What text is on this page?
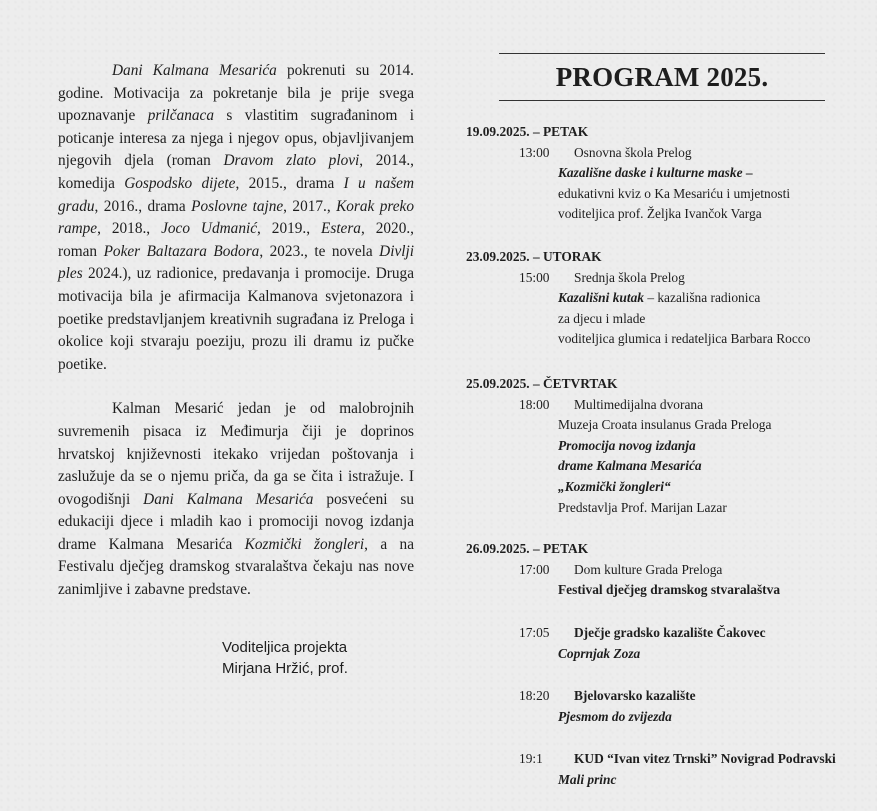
Dani Kalmana Mesarića pokrenuti su 2014. godine. Motivacija za pokretanje bila je prije svega upoznavanje prilčanaca s vlastitim sugrađaninom i poticanje interesa za njega i njegov opus, objavljivanjem njegovih djela (roman Dravom zlato plovi, 2014., komedija Gospodsko dijete, 2015., drama I u našem gradu, 2016., drama Poslovne tajne, 2017., Korak preko rampe, 2018., Joco Udmanić, 2019., Estera, 2020., roman Poker Baltazara Bodora, 2023., te novela Divlji ples 2024.), uz radionice, predavanja i promocije. Druga motivacija bila je afirmacija Kalmanova svjetonazora i poetike predstavljanjem kreativnih sugrađana iz Preloga i okolice koji stvaraju poeziju, prozu ili dramu iz pučke poetike.

Kalman Mesarić jedan je od malobrojnih suvremenih pisaca iz Međimurja čiji je doprinos hrvatskoj književnosti itekako vrijedan poštovanja i zaslužuje da se o njemu priča, da ga se čita i istražuje. I ovogodišnji Dani Kalmana Mesarića posvećeni su edukaciji djece i mladih kao i promociji novog izdanja drame Kalmana Mesarića Kozmički žongleri, a na Festivalu dječjeg dramskog stvaralaštva čekaju nas nove zanimljive i zabavne predstave.

Voditeljica projekta
Mirjana Hržić, prof.
PROGRAM 2025.
19.09.2025. – PETAK
13:00 Osnovna škola Prelog
Kazališne daske i kulturne maske –
edukativni kviz o Ka Mesariću i umjetnosti
voditeljica prof. Željka Ivančok Varga
23.09.2025. – UTORAK
15:00 Srednja škola Prelog
Kazališni kutak – kazališna radionica
za djecu i mlade
voditeljica glumica i redateljica Barbara Rocco
25.09.2025. – ČETVRTAK
18:00 Multimedijalna dvorana
Muzeja Croata insulanus Grada Preloga
Promocija novog izdanja
drame Kalmana Mesarića
„Kozmički žongleri“
Predstavlja Prof. Marijan Lazar
26.09.2025. – PETAK
17:00 Dom kulture Grada Preloga
Festival dječjeg dramskog stvaralaštva
17:05 Dječje gradsko kazalište Čakovec
Coprnjak Zoza
18:20 Bjelovarsko kazalište
Pjesmom do zvijezda
19:1 KUD “Ivan vitez Trnski” Novigrad Podravski
Mali princ
